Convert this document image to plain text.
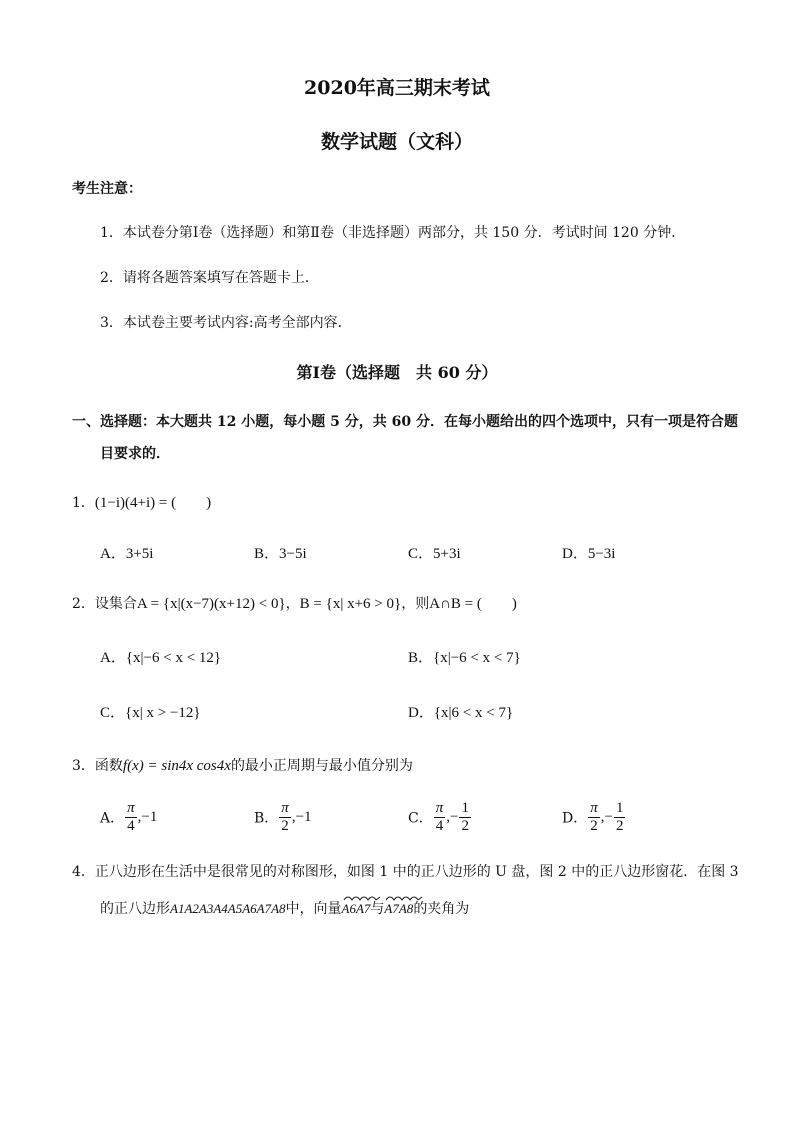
2020年高三期末考试
数学试题（文科）
考生注意：
1．本试卷分第Ⅰ卷（选择题）和第Ⅱ卷（非选择题）两部分，共 150 分．考试时间 120 分钟．
2．请将各题答案填写在答题卡上．
3．本试卷主要考试内容:高考全部内容．
第Ⅰ卷（选择题　共 60 分）
一、选择题：本大题共 12 小题，每小题 5 分，共 60 分．在每小题给出的四个选项中，只有一项是符合题
目要求的．
1．(1−i)(4+i) = (　　)
A．3+5i	B．3−5i	C．5+3i	D．5−3i
2．设集合A = {x|(x−7)(x+12) < 0}，B = {x| x+6 > 0}，则A∩B = (　　)
A．{x|−6 < x < 12}	B．{x|−6 < x < 7}
C．{x| x > −12}	D．{x|6 < x < 7}
3．函数f(x) = sin4x cos4x的最小正周期与最小值分别为
A． $\frac{\pi}{4} ,-1$	B． $\frac{\pi}{2} ,-1$	C． $\frac{\pi}{4}$ ,− $\frac{1}{2}$	D． $\frac{\pi}{2}$ ,− $\frac{1}{2}$
4．正八边形在生活中是很常见的对称图形，如图 1 中的正八边形的 U 盘，图 2 中的正八边形窗花．在图 3
的正八边形A1A2A3A4A5A6A7A8中，向量
A6A7与
A7A8的夹角为
